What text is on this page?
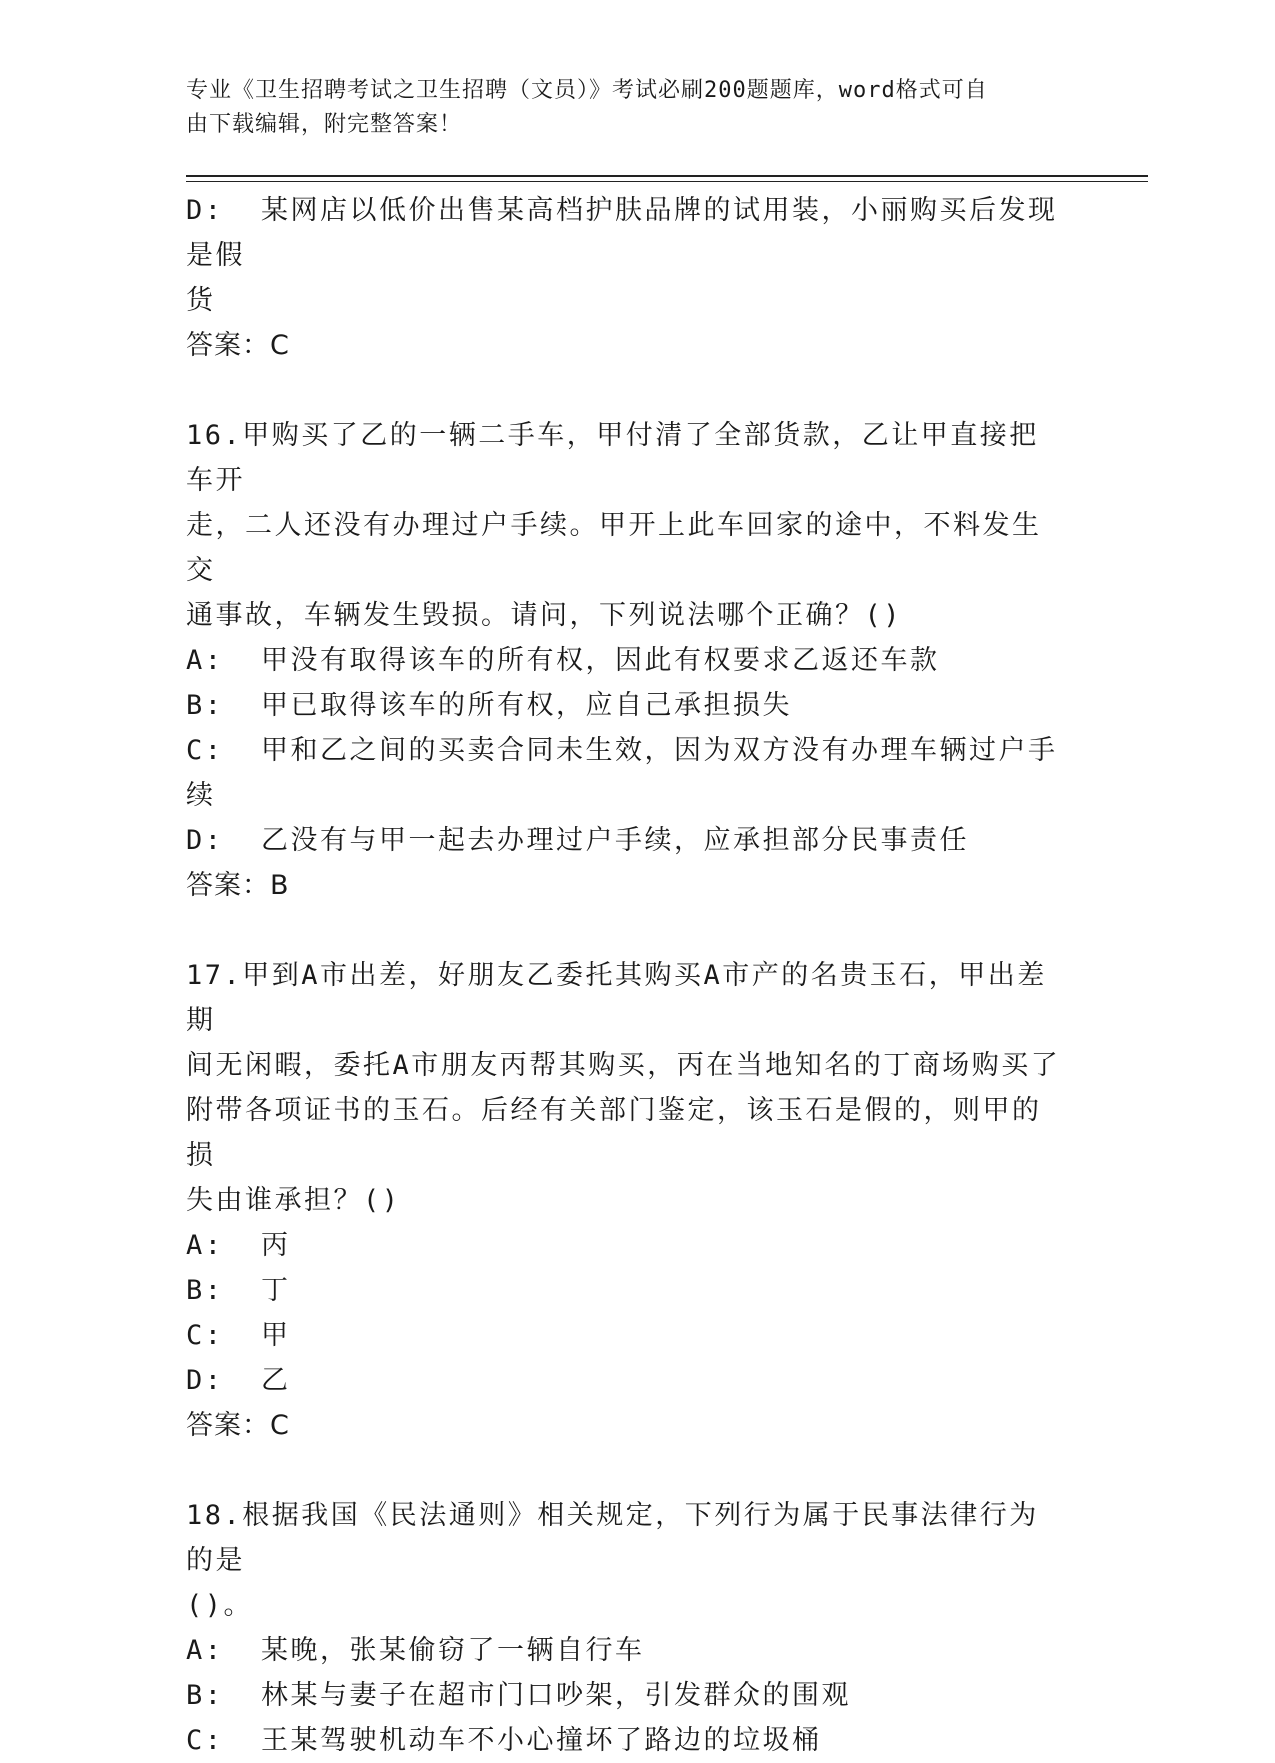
专业《卫生招聘考试之卫生招聘（文员）》考试必刷200题题库，word格式可自
由下载编辑，附完整答案！
D:  某网店以低价出售某高档护肤品牌的试用装，小丽购买后发现是假
货
答案：C
16.甲购买了乙的一辆二手车，甲付清了全部货款，乙让甲直接把车开
走，二人还没有办理过户手续。甲开上此车回家的途中，不料发生交
通事故，车辆发生毁损。请问，下列说法哪个正确？()
A:  甲没有取得该车的所有权，因此有权要求乙返还车款
B:  甲已取得该车的所有权，应自己承担损失
C:  甲和乙之间的买卖合同未生效，因为双方没有办理车辆过户手续
D:  乙没有与甲一起去办理过户手续，应承担部分民事责任
答案：B
17.甲到A市出差，好朋友乙委托其购买A市产的名贵玉石，甲出差期
间无闲暇，委托A市朋友丙帮其购买，丙在当地知名的丁商场购买了
附带各项证书的玉石。后经有关部门鉴定，该玉石是假的，则甲的损
失由谁承担？()
A:  丙
B:  丁
C:  甲
D:  乙
答案：C
18.根据我国《民法通则》相关规定，下列行为属于民事法律行为的是
()。
A:  某晚，张某偷窃了一辆自行车
B:  林某与妻子在超市门口吵架，引发群众的围观
C:  王某驾驶机动车不小心撞坏了路边的垃圾桶
